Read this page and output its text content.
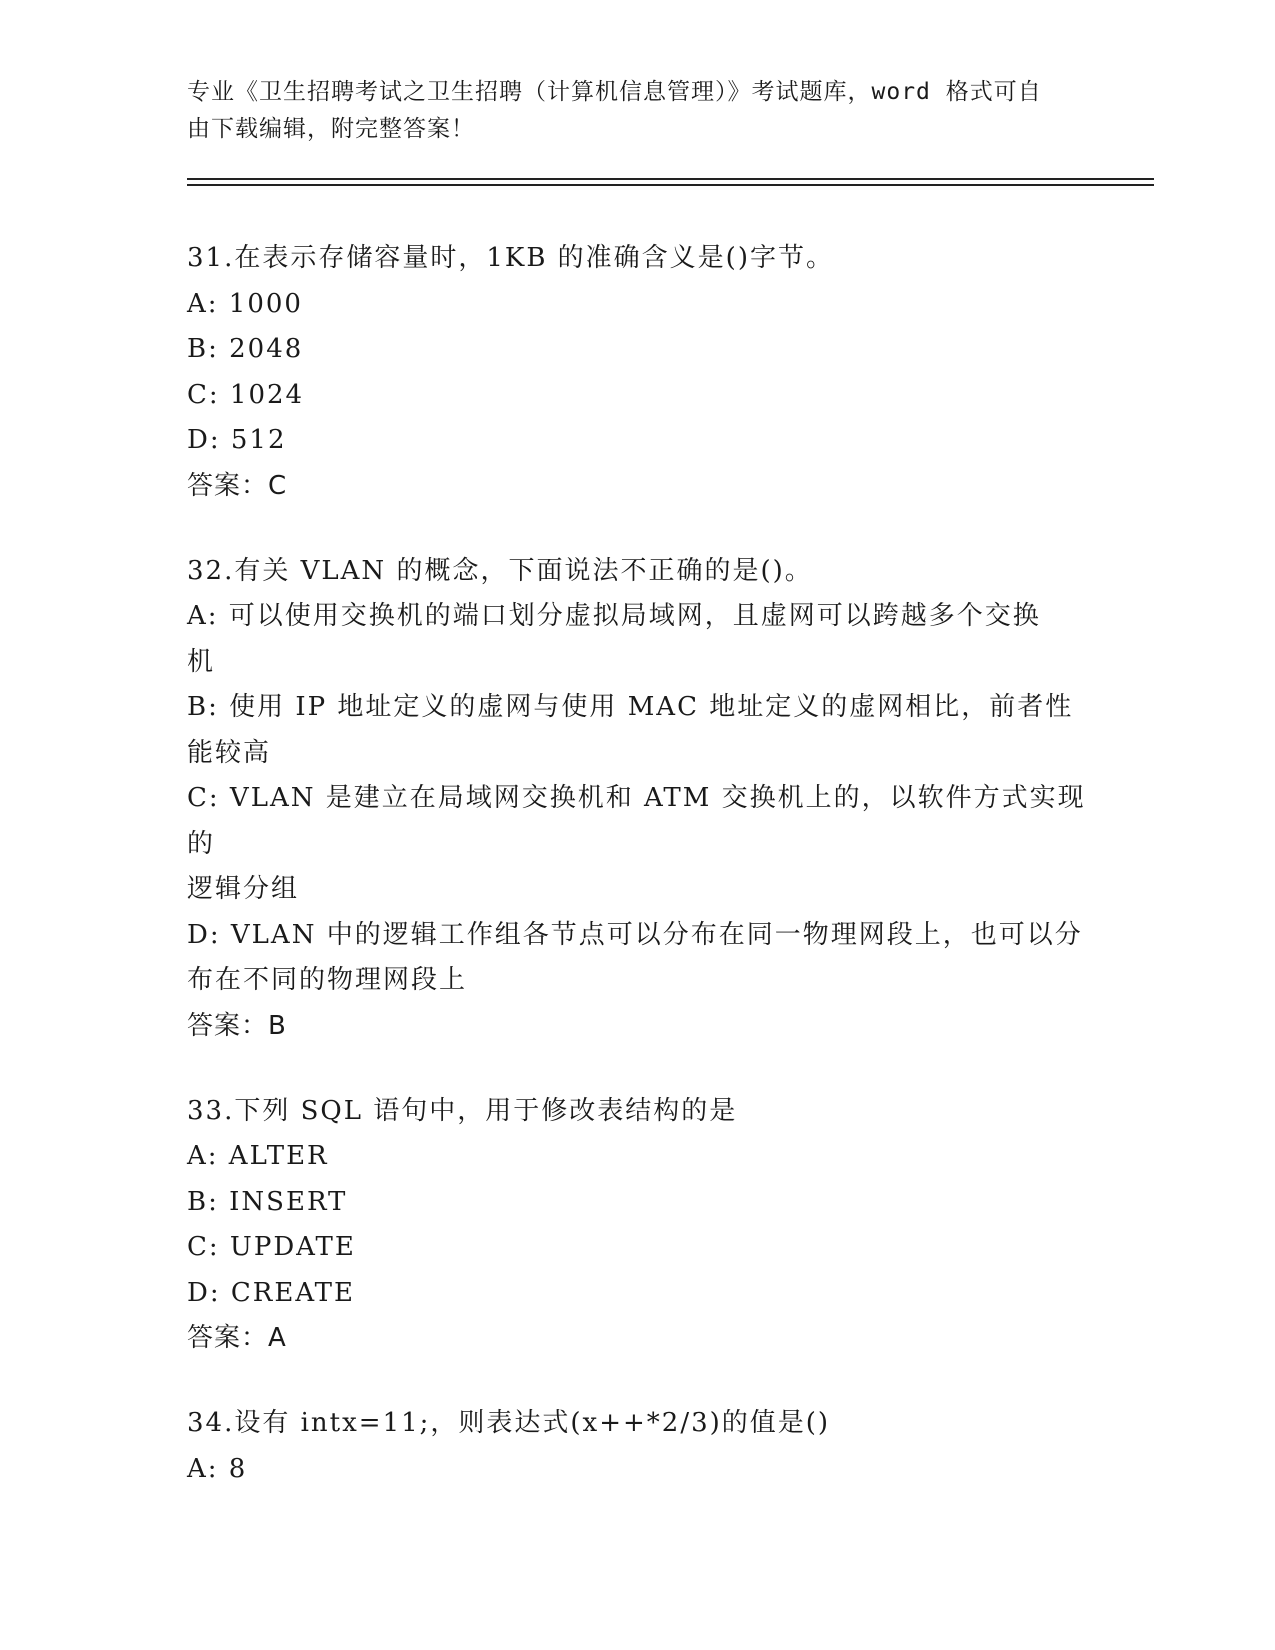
专业《卫生招聘考试之卫生招聘（计算机信息管理）》考试题库，word 格式可自
由下载编辑，附完整答案！
31.在表示存储容量时，1KB 的准确含义是()字节。
A: 1000
B: 2048
C: 1024
D: 512
答案：C
32.有关 VLAN 的概念，下面说法不正确的是()。
A: 可以使用交换机的端口划分虚拟局域网，且虚网可以跨越多个交换
机
B: 使用 IP 地址定义的虚网与使用 MAC 地址定义的虚网相比，前者性
能较高
C: VLAN 是建立在局域网交换机和 ATM 交换机上的，以软件方式实现的
逻辑分组
D: VLAN 中的逻辑工作组各节点可以分布在同一物理网段上，也可以分
布在不同的物理网段上
答案：B
33.下列 SQL 语句中，用于修改表结构的是
A: ALTER
B: INSERT
C: UPDATE
D: CREATE
答案：A
34.设有 intx=11;，则表达式(x++*2/3)的值是()
A: 8
